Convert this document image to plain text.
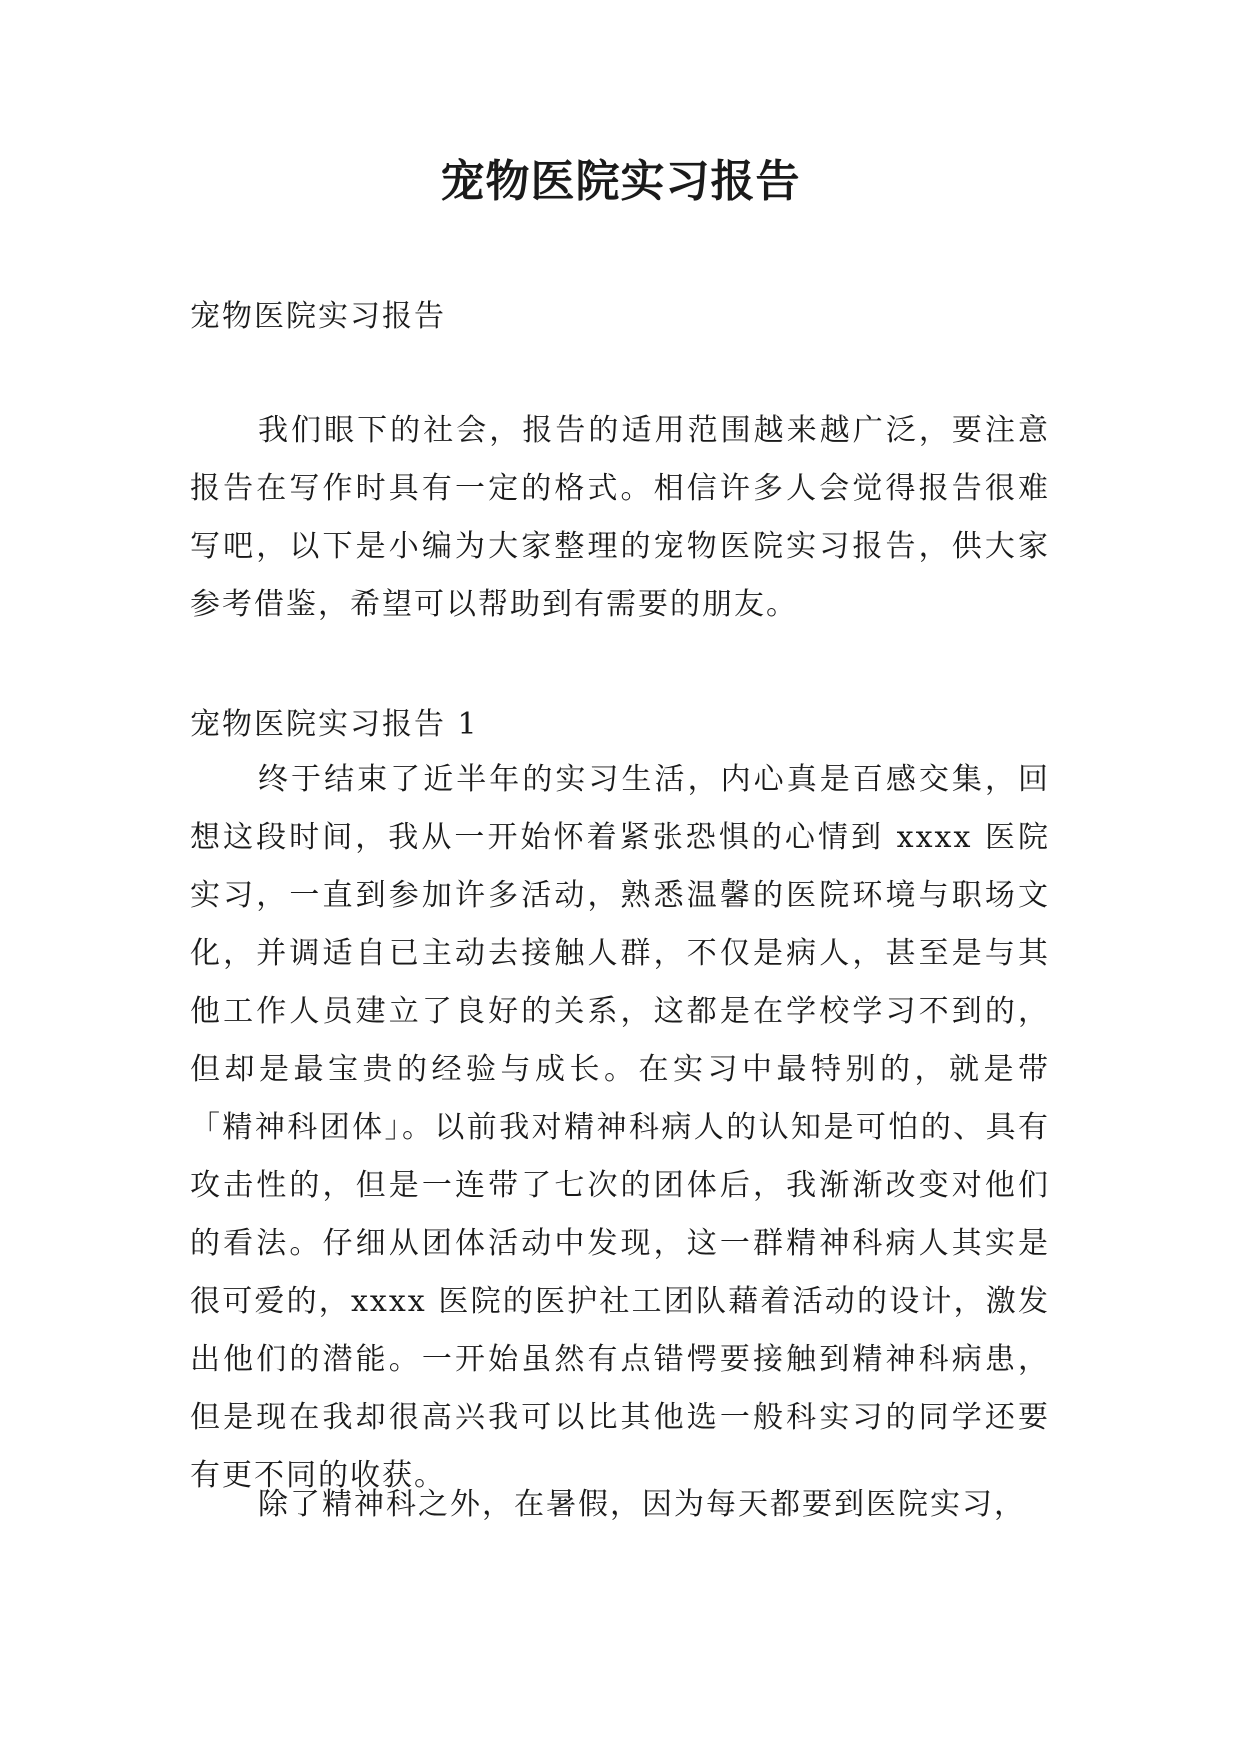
宠物医院实习报告

宠物医院实习报告

我们眼下的社会，报告的适用范围越来越广泛，要注意报告在写作时具有一定的格式。相信许多人会觉得报告很难写吧，以下是小编为大家整理的宠物医院实习报告，供大家参考借鉴，希望可以帮助到有需要的朋友。

宠物医院实习报告 1

终于结束了近半年的实习生活，内心真是百感交集，回想这段时间，我从一开始怀着紧张恐惧的心情到 xxxx 医院实习，一直到参加许多活动，熟悉温馨的医院环境与职场文化，并调适自已主动去接触人群，不仅是病人，甚至是与其他工作人员建立了良好的关系，这都是在学校学习不到的，但却是最宝贵的经验与成长。在实习中最特别的，就是带「精神科团体」。以前我对精神科病人的认知是可怕的、具有攻击性的，但是一连带了七次的团体后，我渐渐改变对他们的看法。仔细从团体活动中发现，这一群精神科病人其实是很可爱的，xxxx 医院的医护社工团队藉着活动的设计，激发出他们的潜能。一开始虽然有点错愕要接触到精神科病患，但是现在我却很高兴我可以比其他选一般科实习的同学还要有更不同的收获。

除了精神科之外，在暑假，因为每天都要到医院实习，
